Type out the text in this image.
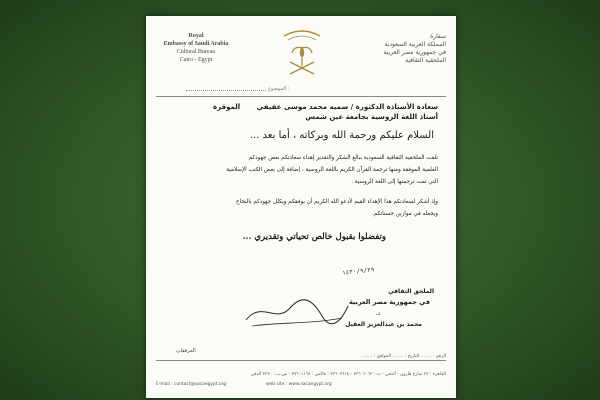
Royal
Embassy of Saudi Arabia
Cultural Bureau
Cairo - Egypt
سفارة
المملكة العربية السعودية
في جمهورية مصر العربية
الملحقية الثقافية
الموضوع :
سعادة الأستاذة الدكتورة / سميه محمد موسى عفيفي الموقرة
أستاذ اللغة الروسية بجامعة عين شمس
السلام عليكم ورحمة الله وبركاته ، أما بعد ...
تلقت الملحقية الثقافية السعودية ببالغ الشكر والتقدير إهداء سعادتكم بعض جهودكم
العلمية الموفقة ومنها ترجمة القرآن الكريم باللغة الروسية ، إضافة إلى بعض الكتب الإسلامية
التي تمت ترجمتها إلى اللغة الروسية .
وإذ أشكر لسعادتكم هذا الإهداء القيم لأدعو الله الكريم أن يوفقكم ويكلل جهودكم بالنجاح
ويجعله في موازين حسناتكم.
وتفضلوا بقبول خالص تحياتي وتقديري ...
١٤٣٠/٩/٢٩
الملحق الثقافي
في جمهورية مصر العربية
د.
محمد بن عبدالعزيز العقيل
المرفقات
الرقم : ........ التاريخ : ........ الموافق : ........
القاهرة : ٣٢ شارع هارون - الدقي - ت : ٣٣٦٠٦٠٦٣ - ٣٣٦٠٧٦١٤ - فاكس : ٣٧٦٠١١٦٨ - ص.ب : ٣٢٣٠ الدقي
E-mail : contact@sacaegypt.org	web site : www.sacaegypt.org
